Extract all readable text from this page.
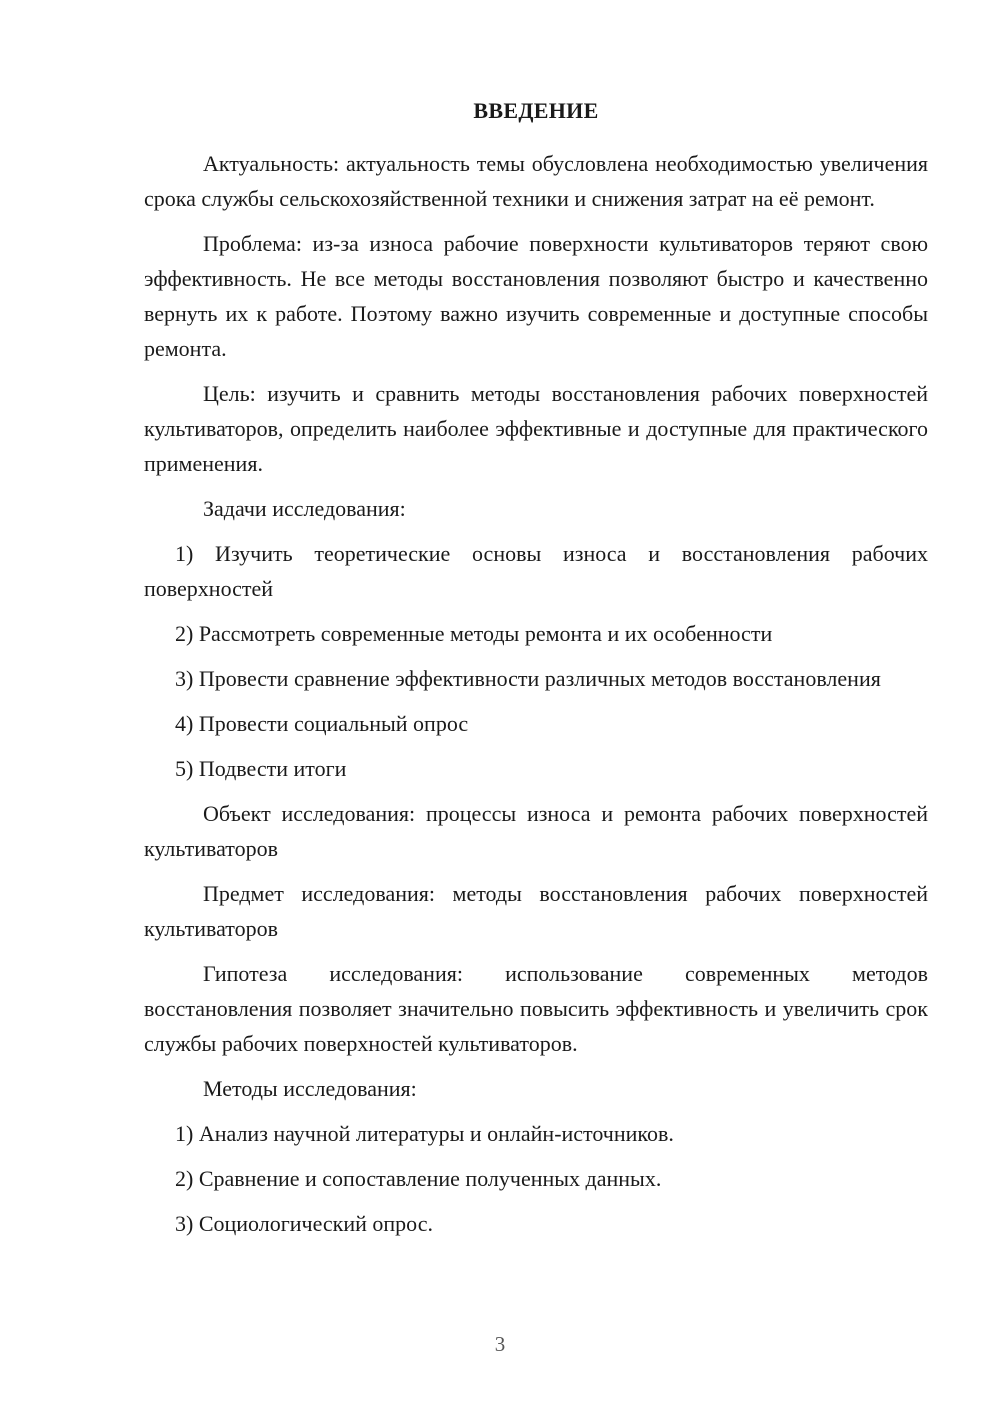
ВВЕДЕНИЕ

Актуальность: актуальность темы обусловлена необходимостью увеличения срока службы сельскохозяйственной техники и снижения затрат на её ремонт.

Проблема: из-за износа рабочие поверхности культиваторов теряют свою эффективность. Не все методы восстановления позволяют быстро и качественно вернуть их к работе. Поэтому важно изучить современные и доступные способы ремонта.

Цель: изучить и сравнить методы восстановления рабочих поверхностей культиваторов, определить наиболее эффективные и доступные для практического применения.

Задачи исследования:

1) Изучить теоретические основы износа и восстановления рабочих поверхностей

2) Рассмотреть современные методы ремонта и их особенности

3) Провести сравнение эффективности различных методов восстановления

4) Провести социальный опрос

5) Подвести итоги

Объект исследования: процессы износа и ремонта рабочих поверхностей культиваторов

Предмет исследования: методы восстановления рабочих поверхностей культиваторов

Гипотеза исследования: использование современных методов восстановления позволяет значительно повысить эффективность и увеличить срок службы рабочих поверхностей культиваторов.

Методы исследования:

1) Анализ научной литературы и онлайн-источников.

2) Сравнение и сопоставление полученных данных.

3) Социологический опрос.

3
